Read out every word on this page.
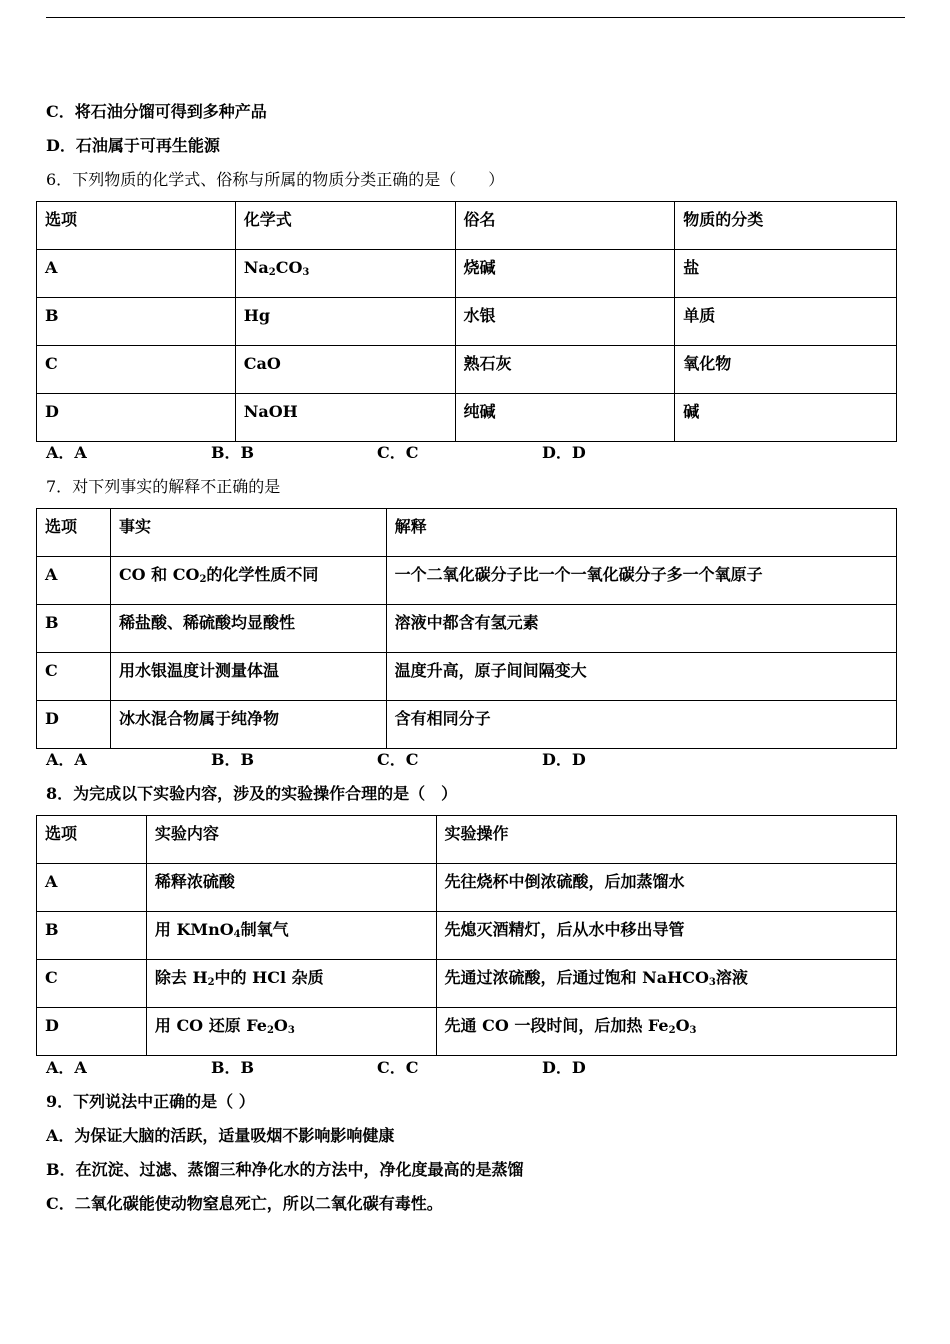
C．将石油分馏可得到多种产品
D．石油属于可再生能源
6．下列物质的化学式、俗称与所属的物质分类正确的是（　　）
选项	化学式	俗名	物质的分类
A	$Na_2CO_3$	烧碱	盐
B	Hg	水银	单质
C	CaO	熟石灰	氧化物
D	NaOH	纯碱	碱
A．A	B．B	C．C	D．D
7．对下列事实的解释不正确的是
选项	事实	解释
A	CO 和 $CO_2$的化学性质不同	一个二氧化碳分子比一个一氧化碳分子多一个氧原子
B	稀盐酸、稀硫酸均显酸性	溶液中都含有氢元素
C	用水银温度计测量体温	温度升高，原子间间隔变大
D	冰水混合物属于纯净物	含有相同分子
A．A	B．B	C．C	D．D
8．为完成以下实验内容，涉及的实验操作合理的是（　）
选项	实验内容	实验操作
A	稀释浓硫酸	先往烧杯中倒浓硫酸，后加蒸馏水
B	用 KMnO$_4$制氧气	先熄灭酒精灯，后从水中移出导管
C	除去 $H_2$中的 HCl 杂质	先通过浓硫酸，后通过饱和 NaHCO$_3$溶液
D	用 CO 还原 $Fe_2O_3$	先通 CO 一段时间，后加热 $Fe_2O_3$
A．A	B．B	C．C	D．D
9．下列说法中正确的是（ ）
A．为保证大脑的活跃，适量吸烟不影响影响健康
B．在沉淀、过滤、蒸馏三种净化水的方法中，净化度最高的是蒸馏
C．二氧化碳能使动物窒息死亡，所以二氧化碳有毒性。
